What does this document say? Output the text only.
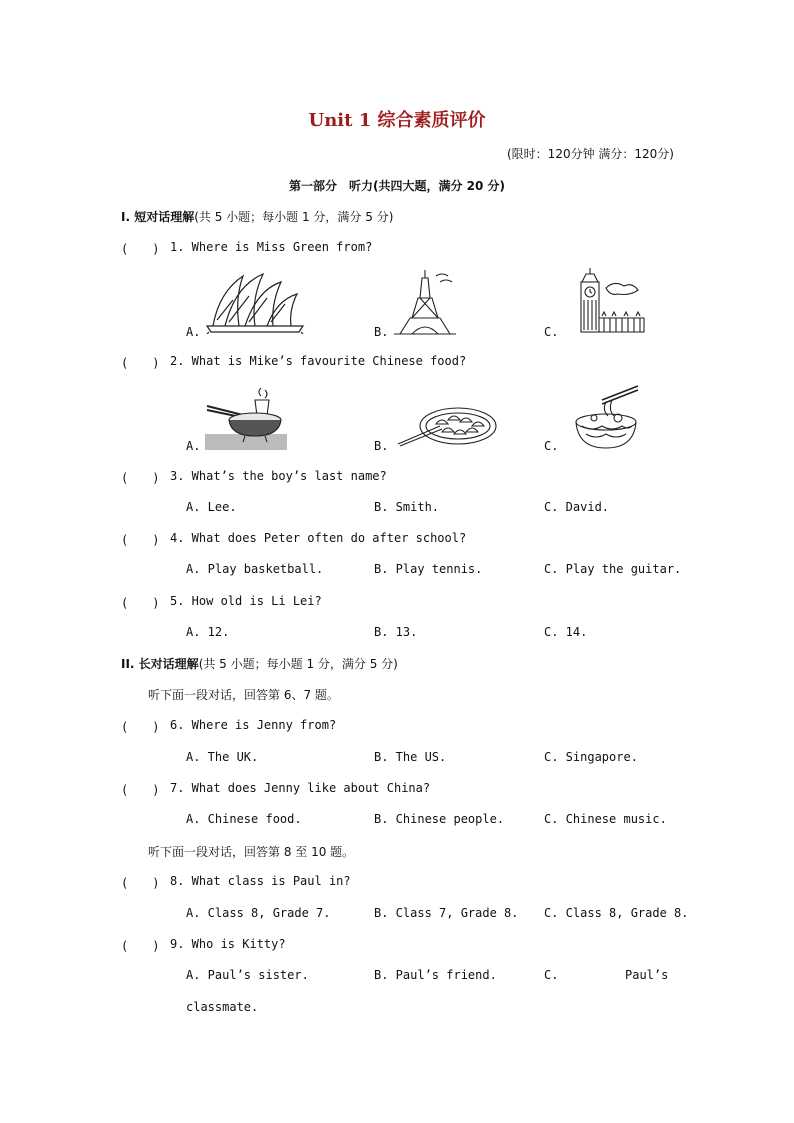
Unit 1 综合素质评价
(限时：120分钟 满分：120分)
第一部分　听力(共四大题，满分 20 分)
I. 短对话理解(共 5 小题；每小题 1 分，满分 5 分)
(　　) 1. Where is Miss Green from?
A.	B.	C.
(　　) 2. What is Mike’s favourite Chinese food?
A.	B.	C.
(　　) 3. What’s the boy’s last name?
A. Lee.	B. Smith.	C. David.
(　　) 4. What does Peter often do after school?
A. Play basketball.	B. Play tennis.	C. Play the guitar.
(　　) 5. How old is Li Lei?
A. 12.	B. 13.	C. 14.
II. 长对话理解(共 5 小题；每小题 1 分，满分 5 分)
听下面一段对话，回答第 6、7 题。
(　　) 6. Where is Jenny from?
A. The UK.	B. The US.	C. Singapore.
(　　) 7. What does Jenny like about China?
A. Chinese food.	B. Chinese people.	C. Chinese music.
听下面一段对话，回答第 8 至 10 题。
(　　) 8. What class is Paul in?
A. Class 8, Grade 7.	B. Class 7, Grade 8. C. Class 8, Grade 8.
(　　) 9. Who is Kitty?
A. Paul’s sister.	B. Paul’s friend.	C.	Paul’s
classmate.
